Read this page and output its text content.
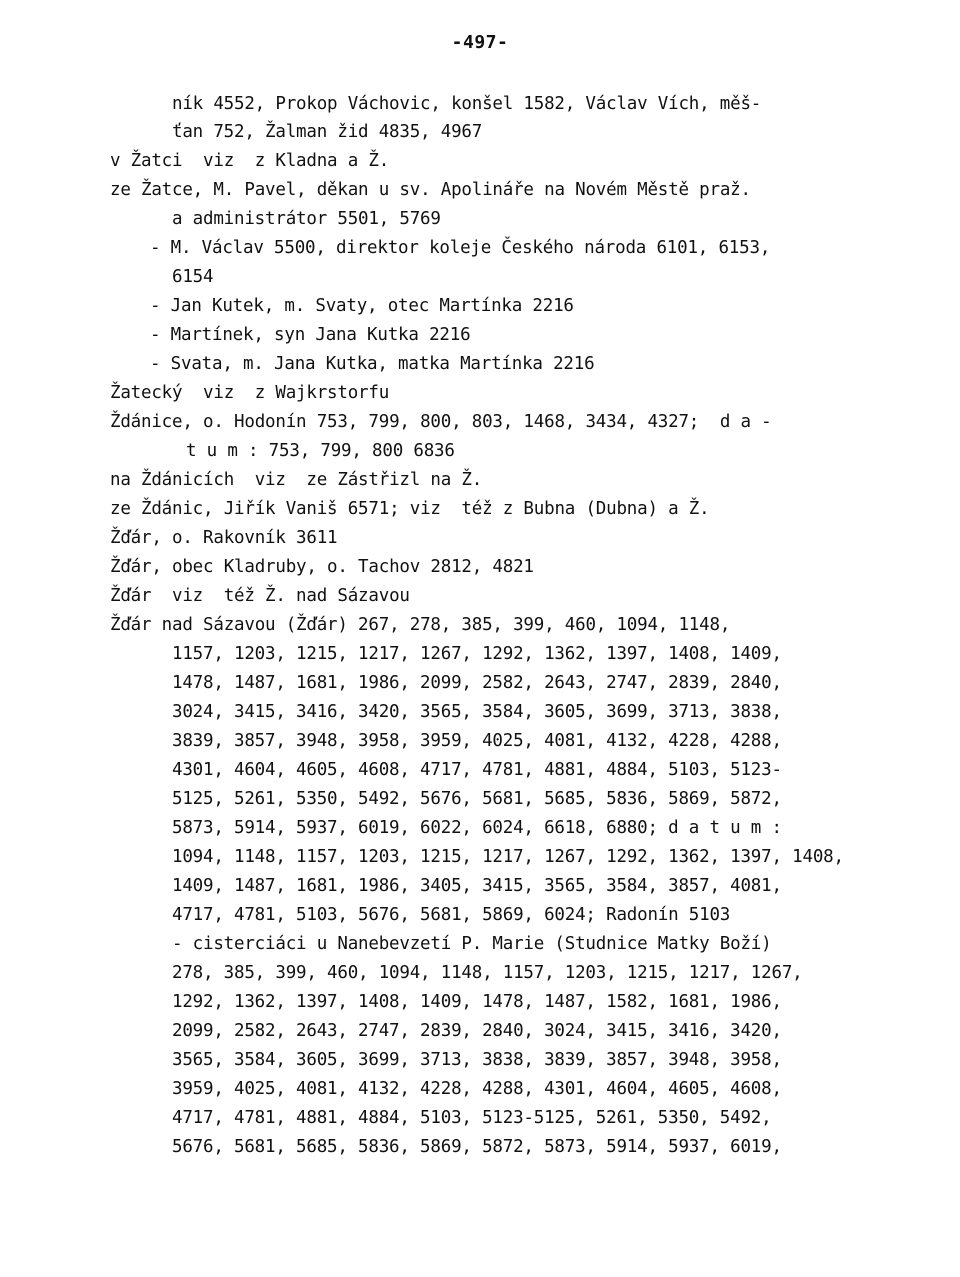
-497-
ník 4552, Prokop Váchovic, konšel 1582, Václav Vích, měš-
ťan 752, Žalman žid 4835, 4967
v Žatci  viz  z Kladna a Ž.
ze Žatce, M. Pavel, děkan u sv. Apolináře na Novém Městě praž.
a administrátor 5501, 5769
- M. Václav 5500, direktor koleje Českého národa 6101, 6153,
6154
- Jan Kutek, m. Svaty, otec Martínka 2216
- Martínek, syn Jana Kutka 2216
- Svata, m. Jana Kutka, matka Martínka 2216
Žatecký  viz  z Wajkrstorfu
Ždánice, o. Hodonín 753, 799, 800, 803, 1468, 3434, 4327;  d a -
t u m : 753, 799, 800 6836
na Ždánicích  viz  ze Zástřizl na Ž.
ze Ždánic, Jiřík Vaniš 6571; viz  též z Bubna (Dubna) a Ž.
Žďár, o. Rakovník 3611
Žďár, obec Kladruby, o. Tachov 2812, 4821
Žďár  viz  též Ž. nad Sázavou
Žďár nad Sázavou (Žďár) 267, 278, 385, 399, 460, 1094, 1148,
1157, 1203, 1215, 1217, 1267, 1292, 1362, 1397, 1408, 1409,
1478, 1487, 1681, 1986, 2099, 2582, 2643, 2747, 2839, 2840,
3024, 3415, 3416, 3420, 3565, 3584, 3605, 3699, 3713, 3838,
3839, 3857, 3948, 3958, 3959, 4025, 4081, 4132, 4228, 4288,
4301, 4604, 4605, 4608, 4717, 4781, 4881, 4884, 5103, 5123-
5125, 5261, 5350, 5492, 5676, 5681, 5685, 5836, 5869, 5872,
5873, 5914, 5937, 6019, 6022, 6024, 6618, 6880; d a t u m :
1094, 1148, 1157, 1203, 1215, 1217, 1267, 1292, 1362, 1397, 1408,
1409, 1487, 1681, 1986, 3405, 3415, 3565, 3584, 3857, 4081,
4717, 4781, 5103, 5676, 5681, 5869, 6024; Radonín 5103
- cisterciáci u Nanebevzetí P. Marie (Studnice Matky Boží)
278, 385, 399, 460, 1094, 1148, 1157, 1203, 1215, 1217, 1267,
1292, 1362, 1397, 1408, 1409, 1478, 1487, 1582, 1681, 1986,
2099, 2582, 2643, 2747, 2839, 2840, 3024, 3415, 3416, 3420,
3565, 3584, 3605, 3699, 3713, 3838, 3839, 3857, 3948, 3958,
3959, 4025, 4081, 4132, 4228, 4288, 4301, 4604, 4605, 4608,
4717, 4781, 4881, 4884, 5103, 5123-5125, 5261, 5350, 5492,
5676, 5681, 5685, 5836, 5869, 5872, 5873, 5914, 5937, 6019,
